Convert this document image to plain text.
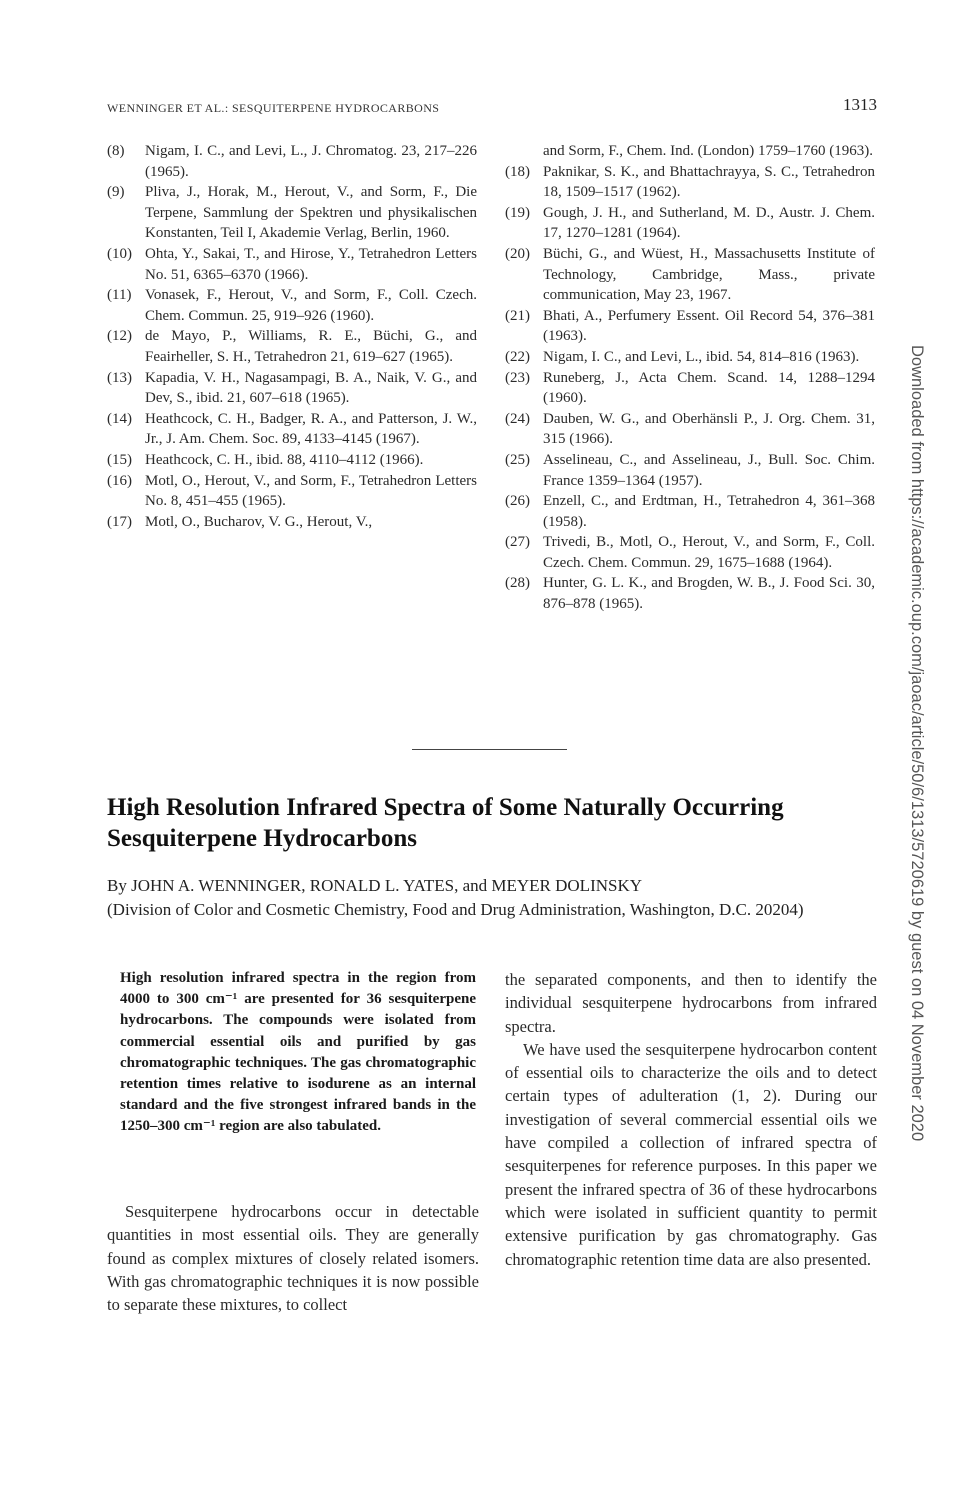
WENNINGER ET AL.: SESQUITERPENE HYDROCARBONS	1313
(8) Nigam, I. C., and Levi, L., J. Chromatog. 23, 217–226 (1965).
(9) Pliva, J., Horak, M., Herout, V., and Sorm, F., Die Terpene, Sammlung der Spektren und physikalischen Konstanten, Teil I, Akademie Verlag, Berlin, 1960.
(10) Ohta, Y., Sakai, T., and Hirose, Y., Tetrahedron Letters No. 51, 6365–6370 (1966).
(11) Vonasek, F., Herout, V., and Sorm, F., Coll. Czech. Chem. Commun. 25, 919–926 (1960).
(12) de Mayo, P., Williams, R. E., Büchi, G., and Feairheller, S. H., Tetrahedron 21, 619–627 (1965).
(13) Kapadia, V. H., Nagasampagi, B. A., Naik, V. G., and Dev, S., ibid. 21, 607–618 (1965).
(14) Heathcock, C. H., Badger, R. A., and Patterson, J. W., Jr., J. Am. Chem. Soc. 89, 4133–4145 (1967).
(15) Heathcock, C. H., ibid. 88, 4110–4112 (1966).
(16) Motl, O., Herout, V., and Sorm, F., Tetrahedron Letters No. 8, 451–455 (1965).
(17) Motl, O., Bucharov, V. G., Herout, V.,
and Sorm, F., Chem. Ind. (London) 1759–1760 (1963).
(18) Paknikar, S. K., and Bhattachrayya, S. C., Tetrahedron 18, 1509–1517 (1962).
(19) Gough, J. H., and Sutherland, M. D., Austr. J. Chem. 17, 1270–1281 (1964).
(20) Büchi, G., and Wüest, H., Massachusetts Institute of Technology, Cambridge, Mass., private communication, May 23, 1967.
(21) Bhati, A., Perfumery Essent. Oil Record 54, 376–381 (1963).
(22) Nigam, I. C., and Levi, L., ibid. 54, 814–816 (1963).
(23) Runeberg, J., Acta Chem. Scand. 14, 1288–1294 (1960).
(24) Dauben, W. G., and Oberhänsli P., J. Org. Chem. 31, 315 (1966).
(25) Asselineau, C., and Asselineau, J., Bull. Soc. Chim. France 1359–1364 (1957).
(26) Enzell, C., and Erdtman, H., Tetrahedron 4, 361–368 (1958).
(27) Trivedi, B., Motl, O., Herout, V., and Sorm, F., Coll. Czech. Chem. Commun. 29, 1675–1688 (1964).
(28) Hunter, G. L. K., and Brogden, W. B., J. Food Sci. 30, 876–878 (1965).
High Resolution Infrared Spectra of Some Naturally Occurring Sesquiterpene Hydrocarbons
By JOHN A. WENNINGER, RONALD L. YATES, and MEYER DOLINSKY
(Division of Color and Cosmetic Chemistry, Food and Drug Administration, Washington, D.C. 20204)
High resolution infrared spectra in the region from 4000 to 300 cm⁻¹ are presented for 36 sesquiterpene hydrocarbons. The compounds were isolated from commercial essential oils and purified by gas chromatographic techniques. The gas chromatographic retention times relative to isodurene as an internal standard and the five strongest infrared bands in the 1250–300 cm⁻¹ region are also tabulated.

Sesquiterpene hydrocarbons occur in detectable quantities in most essential oils. They are generally found as complex mixtures of closely related isomers. With gas chromatographic techniques it is now possible to separate these mixtures, to collect

the separated components, and then to identify the individual sesquiterpene hydrocarbons from infrared spectra.

We have used the sesquiterpene hydrocarbon content of essential oils to characterize the oils and to detect certain types of adulteration (1, 2). During our investigation of several commercial essential oils we have compiled a collection of infrared spectra of sesquiterpenes for reference purposes. In this paper we present the infrared spectra of 36 of these hydrocarbons which were isolated in sufficient quantity to permit extensive purification by gas chromatography. Gas chromatographic retention time data are also presented.

Downloaded from https://academic.oup.com/jaoac/article/50/6/1313/5720619 by guest on 04 November 2020
